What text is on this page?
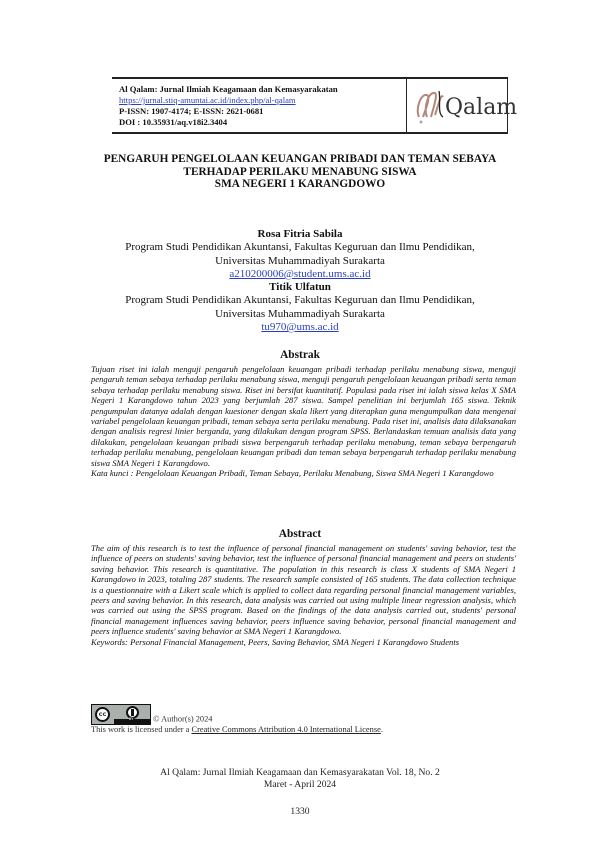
Al Qalam: Jurnal Ilmiah Keagamaan dan Kemasyarakatan
https://jurnal.stiq-amuntai.ac.id/index.php/al-qalam
P-ISSN: 1907-4174; E-ISSN: 2621-0681
DOI : 10.35931/aq.v18i2.3404
Qalam
PENGARUH PENGELOLAAN KEUANGAN PRIBADI DAN TEMAN SEBAYA
TERHADAP PERILAKU MENABUNG SISWA
SMA NEGERI 1 KARANGDOWO
Rosa Fitria Sabila
Program Studi Pendidikan Akuntansi, Fakultas Keguruan dan Ilmu Pendidikan,
Universitas Muhammadiyah Surakarta
a210200006@student.ums.ac.id
Titik Ulfatun
Program Studi Pendidikan Akuntansi, Fakultas Keguruan dan Ilmu Pendidikan,
Universitas Muhammadiyah Surakarta
tu970@ums.ac.id
Abstrak
Tujuan riset ini ialah menguji pengaruh pengelolaan keuangan pribadi terhadap perilaku menabung siswa, menguji pengaruh teman sebaya terhadap perilaku menabung siswa, menguji pengaruh pengelolaan keuangan pribadi serta teman sebaya terhadap perilaku menabung siswa. Riset ini bersifat kuantitatif. Populasi pada riset ini ialah siswa kelas X SMA Negeri 1 Karangdowo tahun 2023 yang berjumlah 287 siswa. Sampel penelitian ini berjumlah 165 siswa. Teknik pengumpulan datanya adalah dengan kuesioner dengan skala likert yang diterapkan guna mengumpulkan data mengenai variabel pengelolaan keuangan pribadi, teman sebaya serta perilaku menabung. Pada riset ini, analisis data dilaksanakan dengan analisis regresi linier berganda, yang dilakukan dengan program SPSS. Berlandaskan temuan analisis data yang dilakukan, pengelolaan keuangan pribadi siswa berpengaruh terhadap perilaku menabung, teman sebaya berpengaruh terhadap perilaku menabung, pengelolaan keuangan pribadi dan teman sebaya berpengaruh terhadap perilaku menabung siswa SMA Negeri 1 Karangdowo.
Kata kunci : Pengelolaan Keuangan Pribadi, Teman Sebaya, Perilaku Menabung, Siswa SMA Negeri 1 Karangdowo
Abstract
The aim of this research is to test the influence of personal financial management on students' saving behavior, test the influence of peers on students' saving behavior, test the influence of personal financial management and peers on students' saving behavior. This research is quantitative. The population in this research is class X students of SMA Negeri 1 Karangdowo in 2023, totaling 287 students. The research sample consisted of 165 students. The data collection technique is a questionnaire with a Likert scale which is applied to collect data regarding personal financial management variables, peers and saving behavior. In this research, data analysis was carried out using multiple linear regression analysis, which was carried out using the SPSS program. Based on the findings of the data analysis carried out, students' personal financial management influences saving behavior, peers influence saving behavior, personal financial management and peers influence students' saving behavior at SMA Negeri 1 Karangdowo.
Keywords: Personal Financial Management, Peers, Saving Behavior, SMA Negeri 1 Karangdowo Students
cc
BY © Author(s) 2024
This work is licensed under a Creative Commons Attribution 4.0 International License.
Al Qalam: Jurnal Ilmiah Keagamaan dan Kemasyarakatan Vol. 18, No. 2
Maret - April 2024
1330
